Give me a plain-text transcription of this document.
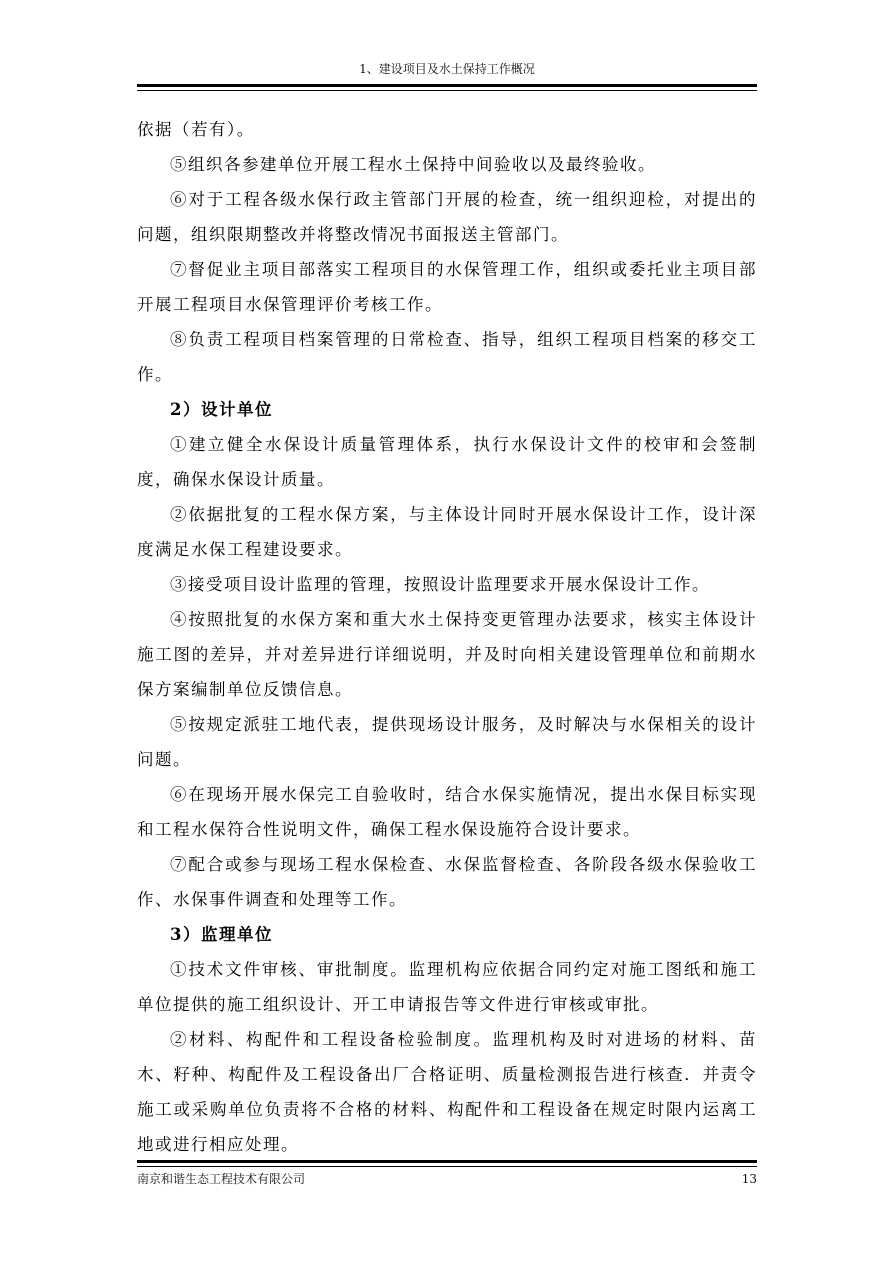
1、建设项目及水土保持工作概况

依据（若有）。

⑤组织各参建单位开展工程水土保持中间验收以及最终验收。

⑥对于工程各级水保行政主管部门开展的检查，统一组织迎检，对提出的问题，组织限期整改并将整改情况书面报送主管部门。

⑦督促业主项目部落实工程项目的水保管理工作，组织或委托业主项目部开展工程项目水保管理评价考核工作。

⑧负责工程项目档案管理的日常检查、指导，组织工程项目档案的移交工作。

2）设计单位

①建立健全水保设计质量管理体系，执行水保设计文件的校审和会签制度，确保水保设计质量。

②依据批复的工程水保方案，与主体设计同时开展水保设计工作，设计深度满足水保工程建设要求。

③接受项目设计监理的管理，按照设计监理要求开展水保设计工作。

④按照批复的水保方案和重大水土保持变更管理办法要求，核实主体设计施工图的差异，并对差异进行详细说明，并及时向相关建设管理单位和前期水保方案编制单位反馈信息。

⑤按规定派驻工地代表，提供现场设计服务，及时解决与水保相关的设计问题。

⑥在现场开展水保完工自验收时，结合水保实施情况，提出水保目标实现和工程水保符合性说明文件，确保工程水保设施符合设计要求。

⑦配合或参与现场工程水保检查、水保监督检查、各阶段各级水保验收工作、水保事件调查和处理等工作。

3）监理单位

①技术文件审核、审批制度。监理机构应依据合同约定对施工图纸和施工单位提供的施工组织设计、开工申请报告等文件进行审核或审批。

②材料、构配件和工程设备检验制度。监理机构及时对进场的材料、苗木、籽种、构配件及工程设备出厂合格证明、质量检测报告进行核查．并责令施工或采购单位负责将不合格的材料、构配件和工程设备在规定时限内运离工地或进行相应处理。

南京和谐生态工程技术有限公司	13
